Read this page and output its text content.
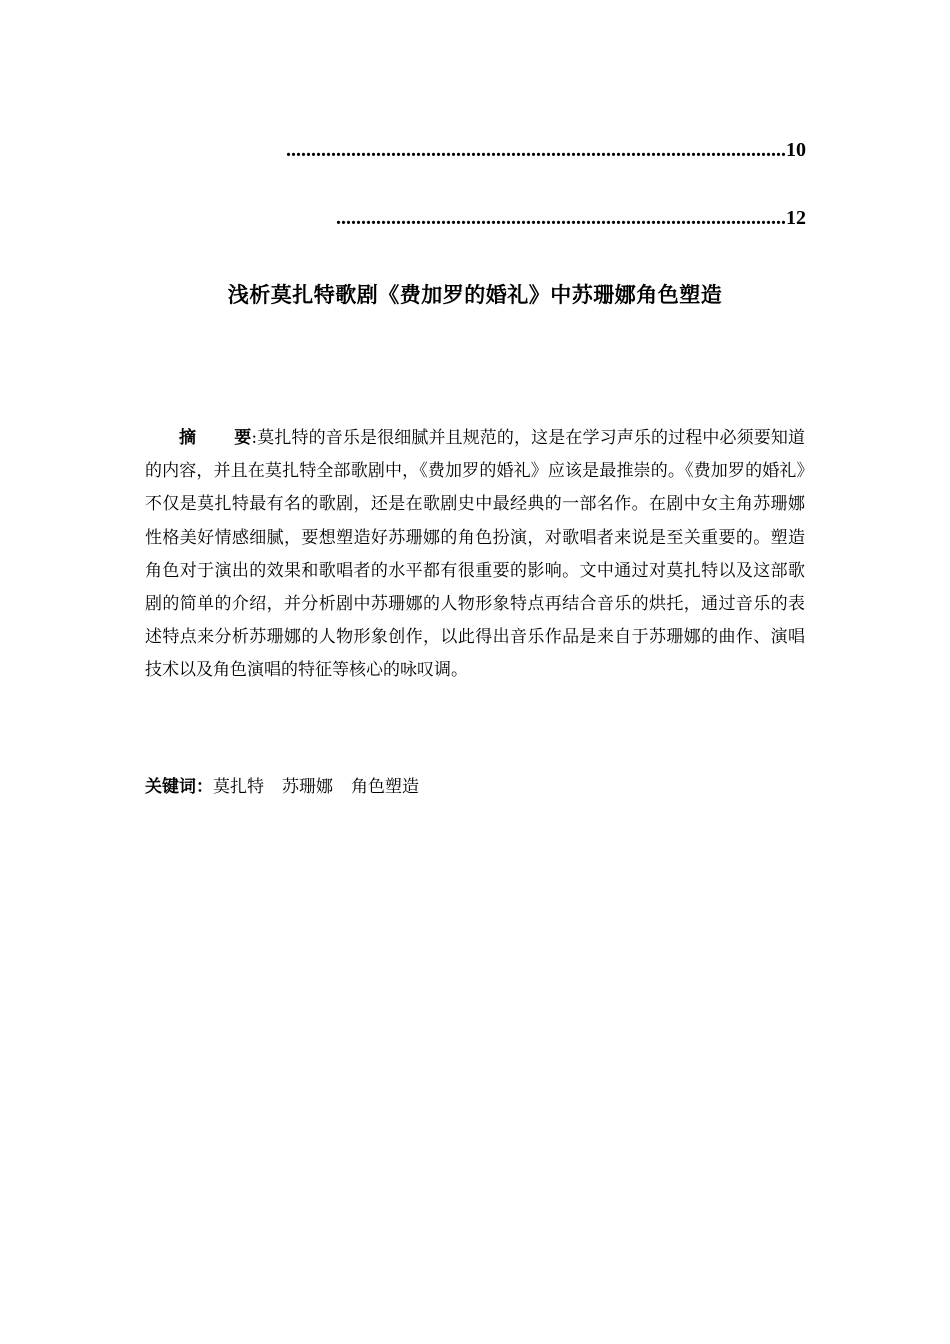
....................................................................................................10
..........................................................................................12
浅析莫扎特歌剧《费加罗的婚礼》中苏珊娜角色塑造
摘 要:莫扎特的音乐是很细腻并且规范的，这是在学习声乐的过程中必须要知道的内容，并且在莫扎特全部歌剧中，《费加罗的婚礼》应该是最推崇的。《费加罗的婚礼》不仅是莫扎特最有名的歌剧，还是在歌剧史中最经典的一部名作。在剧中女主角苏珊娜性格美好情感细腻，要想塑造好苏珊娜的角色扮演，对歌唱者来说是至关重要的。塑造角色对于演出的效果和歌唱者的水平都有很重要的影响。文中通过对莫扎特以及这部歌剧的简单的介绍，并分析剧中苏珊娜的人物形象特点再结合音乐的烘托，通过音乐的表述特点来分析苏珊娜的人物形象创作，以此得出音乐作品是来自于苏珊娜的曲作、演唱技术以及角色演唱的特征等核心的咏叹调。
关键词：莫扎特 苏珊娜 角色塑造
